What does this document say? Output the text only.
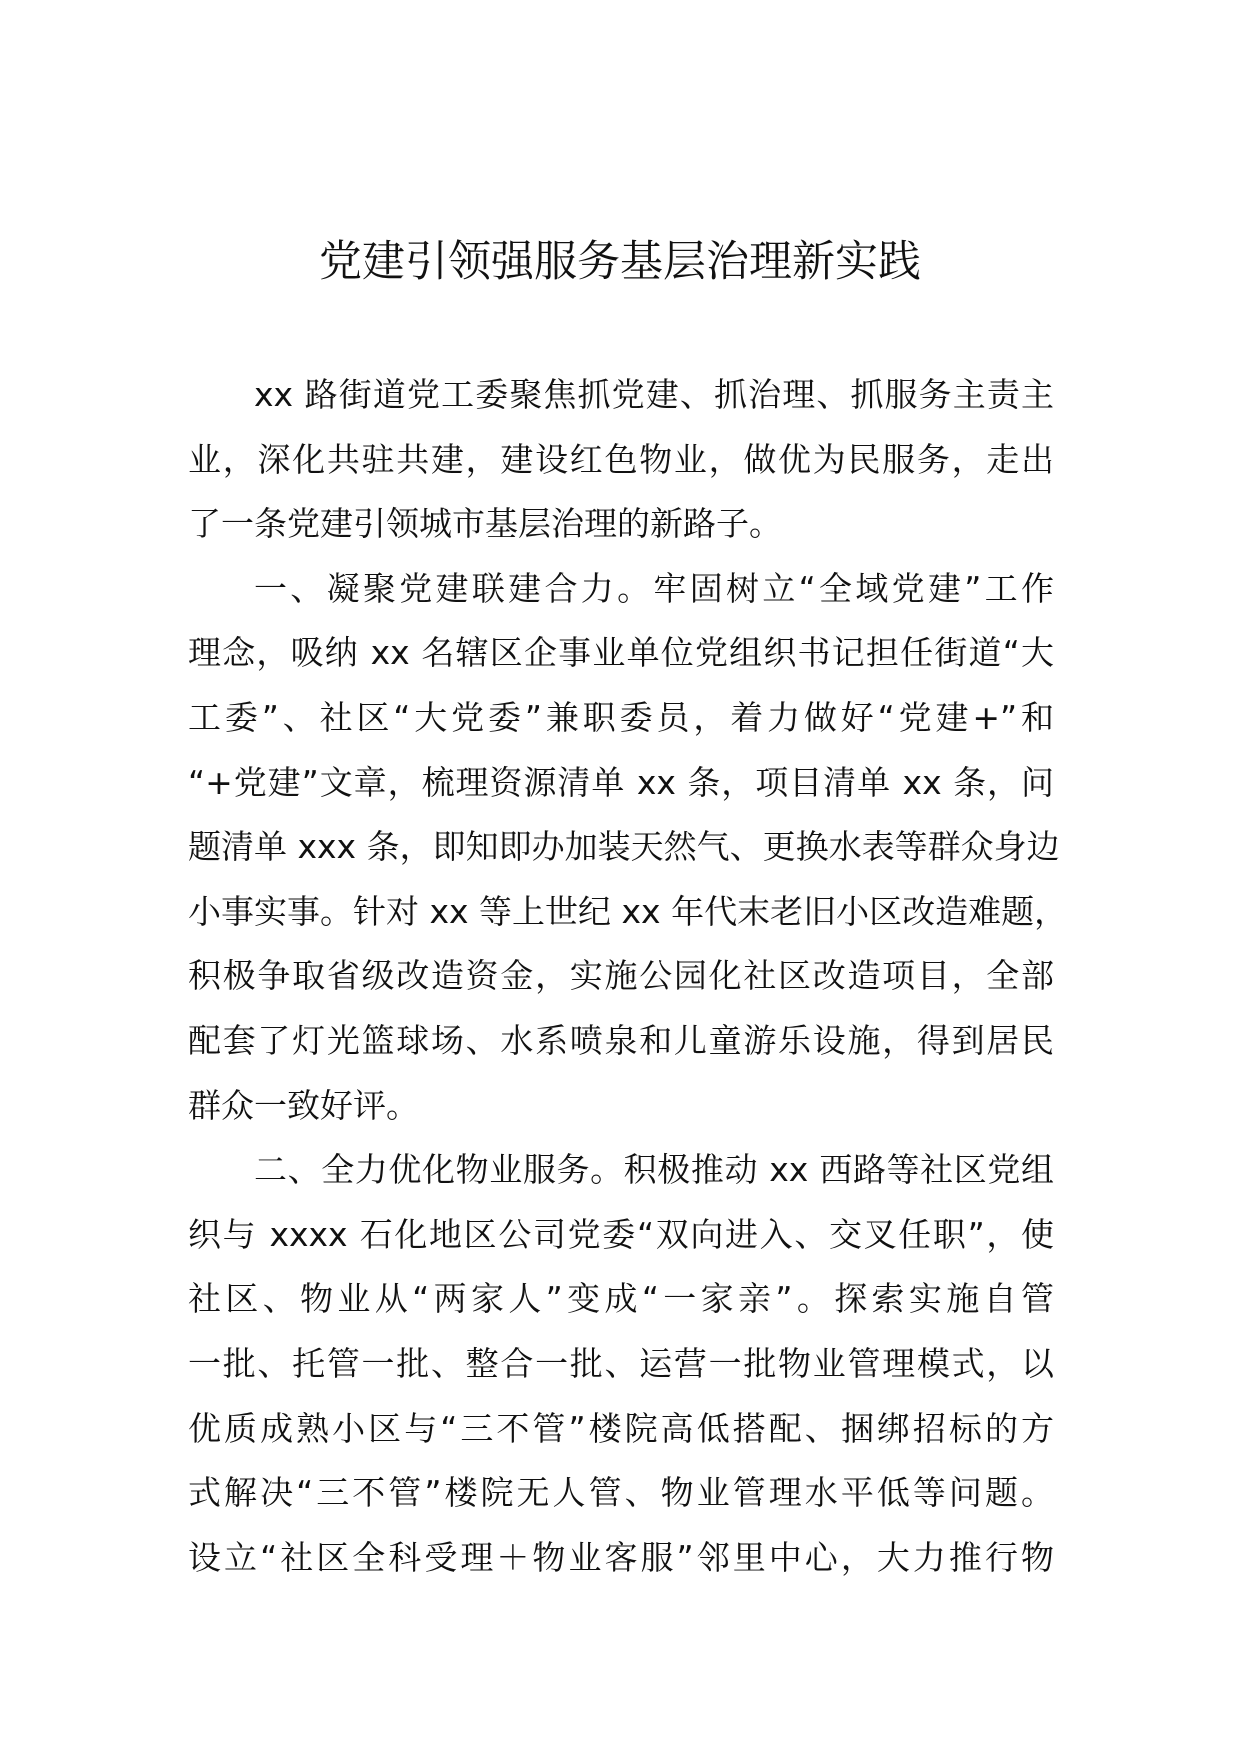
党建引领强服务基层治理新实践
xx 路街道党工委聚焦抓党建、抓治理、抓服务主责主
业，深化共驻共建，建设红色物业，做优为民服务，走出
了一条党建引领城市基层治理的新路子。
一、凝聚党建联建合力。牢固树立“全域党建”工作
理念，吸纳 xx 名辖区企事业单位党组织书记担任街道“大
工委”、社区“大党委”兼职委员，着力做好“党建+”和
“+党建”文章，梳理资源清单 xx 条，项目清单 xx 条，问
题清单 xxx 条，即知即办加装天然气、更换水表等群众身边
小事实事。针对 xx 等上世纪 xx 年代末老旧小区改造难题，
积极争取省级改造资金，实施公园化社区改造项目，全部
配套了灯光篮球场、水系喷泉和儿童游乐设施，得到居民
群众一致好评。
二、全力优化物业服务。积极推动 xx 西路等社区党组
织与 xxxx 石化地区公司党委“双向进入、交叉任职”，使
社区、物业从“两家人”变成“一家亲”。探索实施自管
一批、托管一批、整合一批、运营一批物业管理模式，以
优质成熟小区与“三不管”楼院高低搭配、捆绑招标的方
式解决“三不管”楼院无人管、物业管理水平低等问题。
设立“社区全科受理＋物业客服”邻里中心，大力推行物
